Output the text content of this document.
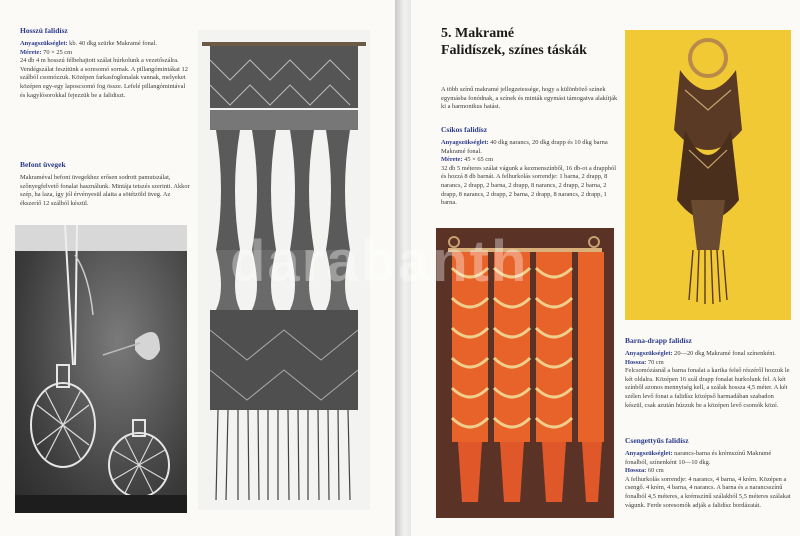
Hosszú falidísz
Anyagszükséglet: kb. 40 dkg szürke Makramé fonal.
Mérete: 70 × 25 cm
24 db 4 m hosszú félbehajtott szálat húrkolunk a vezetőszálra. Vendégszálat feszítünk a soresomó sornak. A pillangómintákat 12 szálból csomózzuk. Középen farkasfoglonalak vannak, melyeket középen egy-egy laposcsomó fog össze. Lefelé pillangómintával és kagylósorokkal fejezzük be a falidiszt.
Befont üvegek
Makraméval befont üvegekhez erősen sodrott pamutszálat, szőnyegfelvető fonalat használunk. Mintája tetszés szerinti. Akkor szép, ha laza, így jól érvényesül alatta a sötétzöld üveg. Az ékszeríő 12 szálból készül.
5. Makramé
Falidíszek, színes táskák
A több színű makramé jellegzetessége, hogy a különböző színek egymásba fonódnak, a színek és minták egymást támogatva alakítják ki a harmonikus hatást.
Csíkos falidísz
Anyagszükséglet: 40 dkg narancs, 20 dkg drapp és 10 dkg barna Makramé fonal.
Mérete: 45 × 65 cm
32 db 5 méteres szálat vágunk a kezmenszínből, 16 db-ot a drappból és hozzá 8 db barnát. A felhurkolás sorrendje: 1 barna, 2 drapp, 8 narancs, 2 drapp, 2 barna, 2 drapp, 8 narancs, 2 drapp, 2 barna, 2 drapp, 8 narancs, 2 drapp, 2 barna, 2 drapp, 8 narancs, 2 drapp, 1 barna.
Barna-drapp falidísz
Anyagszükséglet: 20—20 dkg Makramé fonal színenként.
Hossza: 70 cm
Felcsomózásnál a barna fonalat a karika felső részéről hozzuk le két oldalra. Középen 16 szál drapp fonalat hurkolunk fel. A két színből azonos mennyiség kell, a szálak hossza 4,5 méter. A két szélen levő fonat a falidísz középső harmadában szabadon készül, csak azután húzzuk be a középen levő csomók közé.
Csengettyűs falidísz
Anyagszükséglet: narancs-barna és krémszínű Makramé fonalból, színenként 10—10 dkg.
Hossza: 60 cm
A felhurkolás sorrendje: 4 narancs, 4 barna, 4 krém. Középen a csengő. 4 krém, 4 barna, 4 narancs. A barna és a narancsszínű fonalból 4,5 méteres, a krémszínű szálakból 5,5 méteres szálakat vágunk. Ferde soresomók adják a falidísz bordázatát.
darabanth
